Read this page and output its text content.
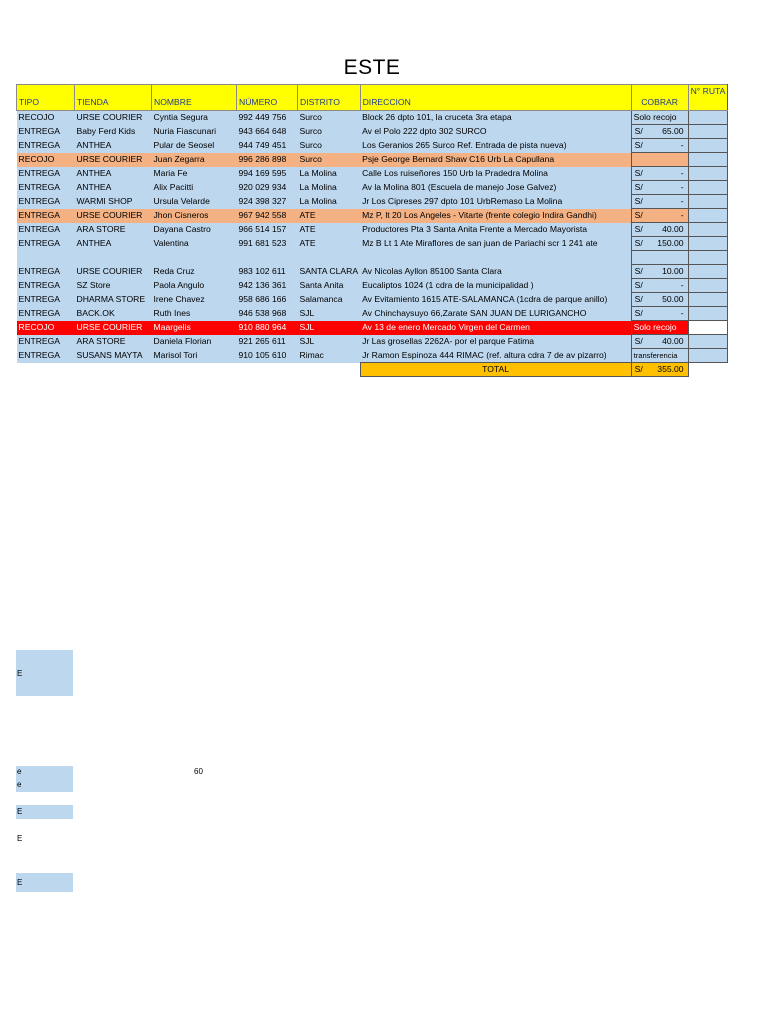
ESTE
TIPO	TIENDA	NOMBRE	NÚMERO	DISTRITO	DIRECCION	COBRAR	N° RUTA
RECOJO	URSE COURIER	Cyntia Segura	992 449 756	Surco	Block 26 dpto 101, la cruceta 3ra etapa	Solo recojo	
ENTREGA	Baby Ferd Kids	Nuria Fiascunari	943 664 648	Surco	Av el Polo 222 dpto 302 SURCO	S/ 65.00	

ENTREGA	ANTHEA	Pular de Seosel	944 749 451	Surco	Los Geranios 265 Surco Ref. Entrada de pista nueva)	S/ -	

RECOJO	URSE COURIER	Juan Zegarra	996 286 898	Surco	Psje George Bernard Shaw C16 Urb La Capullana		
ENTREGA	ANTHEA	Maria Fe	994 169 595	La Molina	Calle Los ruiseñores 150 Urb la Pradedra Molina	S/ -	

ENTREGA	ANTHEA	Alix Pacitti	920 029 934	La Molina	Av la Molina 801 (Escuela de manejo Jose Galvez)	S/ -	

ENTREGA	WARMI SHOP	Ursula Velarde	924 398 327	La Molina	Jr Los Cipreses 297 dpto 101 UrbRemaso La Molina	S/ -	

ENTREGA	URSE COURIER	Jhon Cisneros	967 942 558	ATE	Mz P, lt 20 Los Angeles - Vitarte (frente colegio Indira Gandhi)	S/ -	

ENTREGA	ARA STORE	Dayana Castro	966 514 157	ATE	Productores Pta 3 Santa Anita Frente a Mercado Mayorista	S/ 40.00	

ENTREGA	ANTHEA	Valentina	991 681 523	ATE	Mz B Lt 1 Ate Miraflores de san juan de Pariachi scr 1 241 ate	S/ 150.00	

ENTREGA	URSE COURIER	Reda Cruz	983 102 611	SANTA CLARA	Av Nicolas Ayllon 85100 Santa Clara	S/ 10.00	

ENTREGA	SZ Store	Paola Angulo	942 136 361	Santa Anita	Eucaliptos 1024 (1 cdra de la municipalidad )	S/ -	

ENTREGA	DHARMA STORE	Irene Chavez	958 686 166	Salamanca	Av Evitamiento 1615 ATE-SALAMANCA (1cdra de parque anillo)	S/ 50.00	

ENTREGA	BACK.OK	Ruth Ines	946 538 968	SJL	Av Chinchaysuyo 66,Zarate SAN JUAN DE LURIGANCHO	S/ -	

RECOJO	URSE COURIER	Maargelis	910 880 964	SJL	Av 13 de enero Mercado Virgen del Carmen	Solo recojo	
ENTREGA	ARA STORE	Daniela Florian	921 265 611	SJL	Jr Las grosellas 2262A- por el parque Fatima	S/ 40.00	

ENTREGA	SUSANS MAYTA	Marisol Tori	910 105 610	Rimac	Jr Ramon Espinoza 444 RIMAC (ref. altura cdra 7 de av pizarro)	transferencia	
					TOTAL	S/ 355.00	

E
e
e
60
E
E
E
